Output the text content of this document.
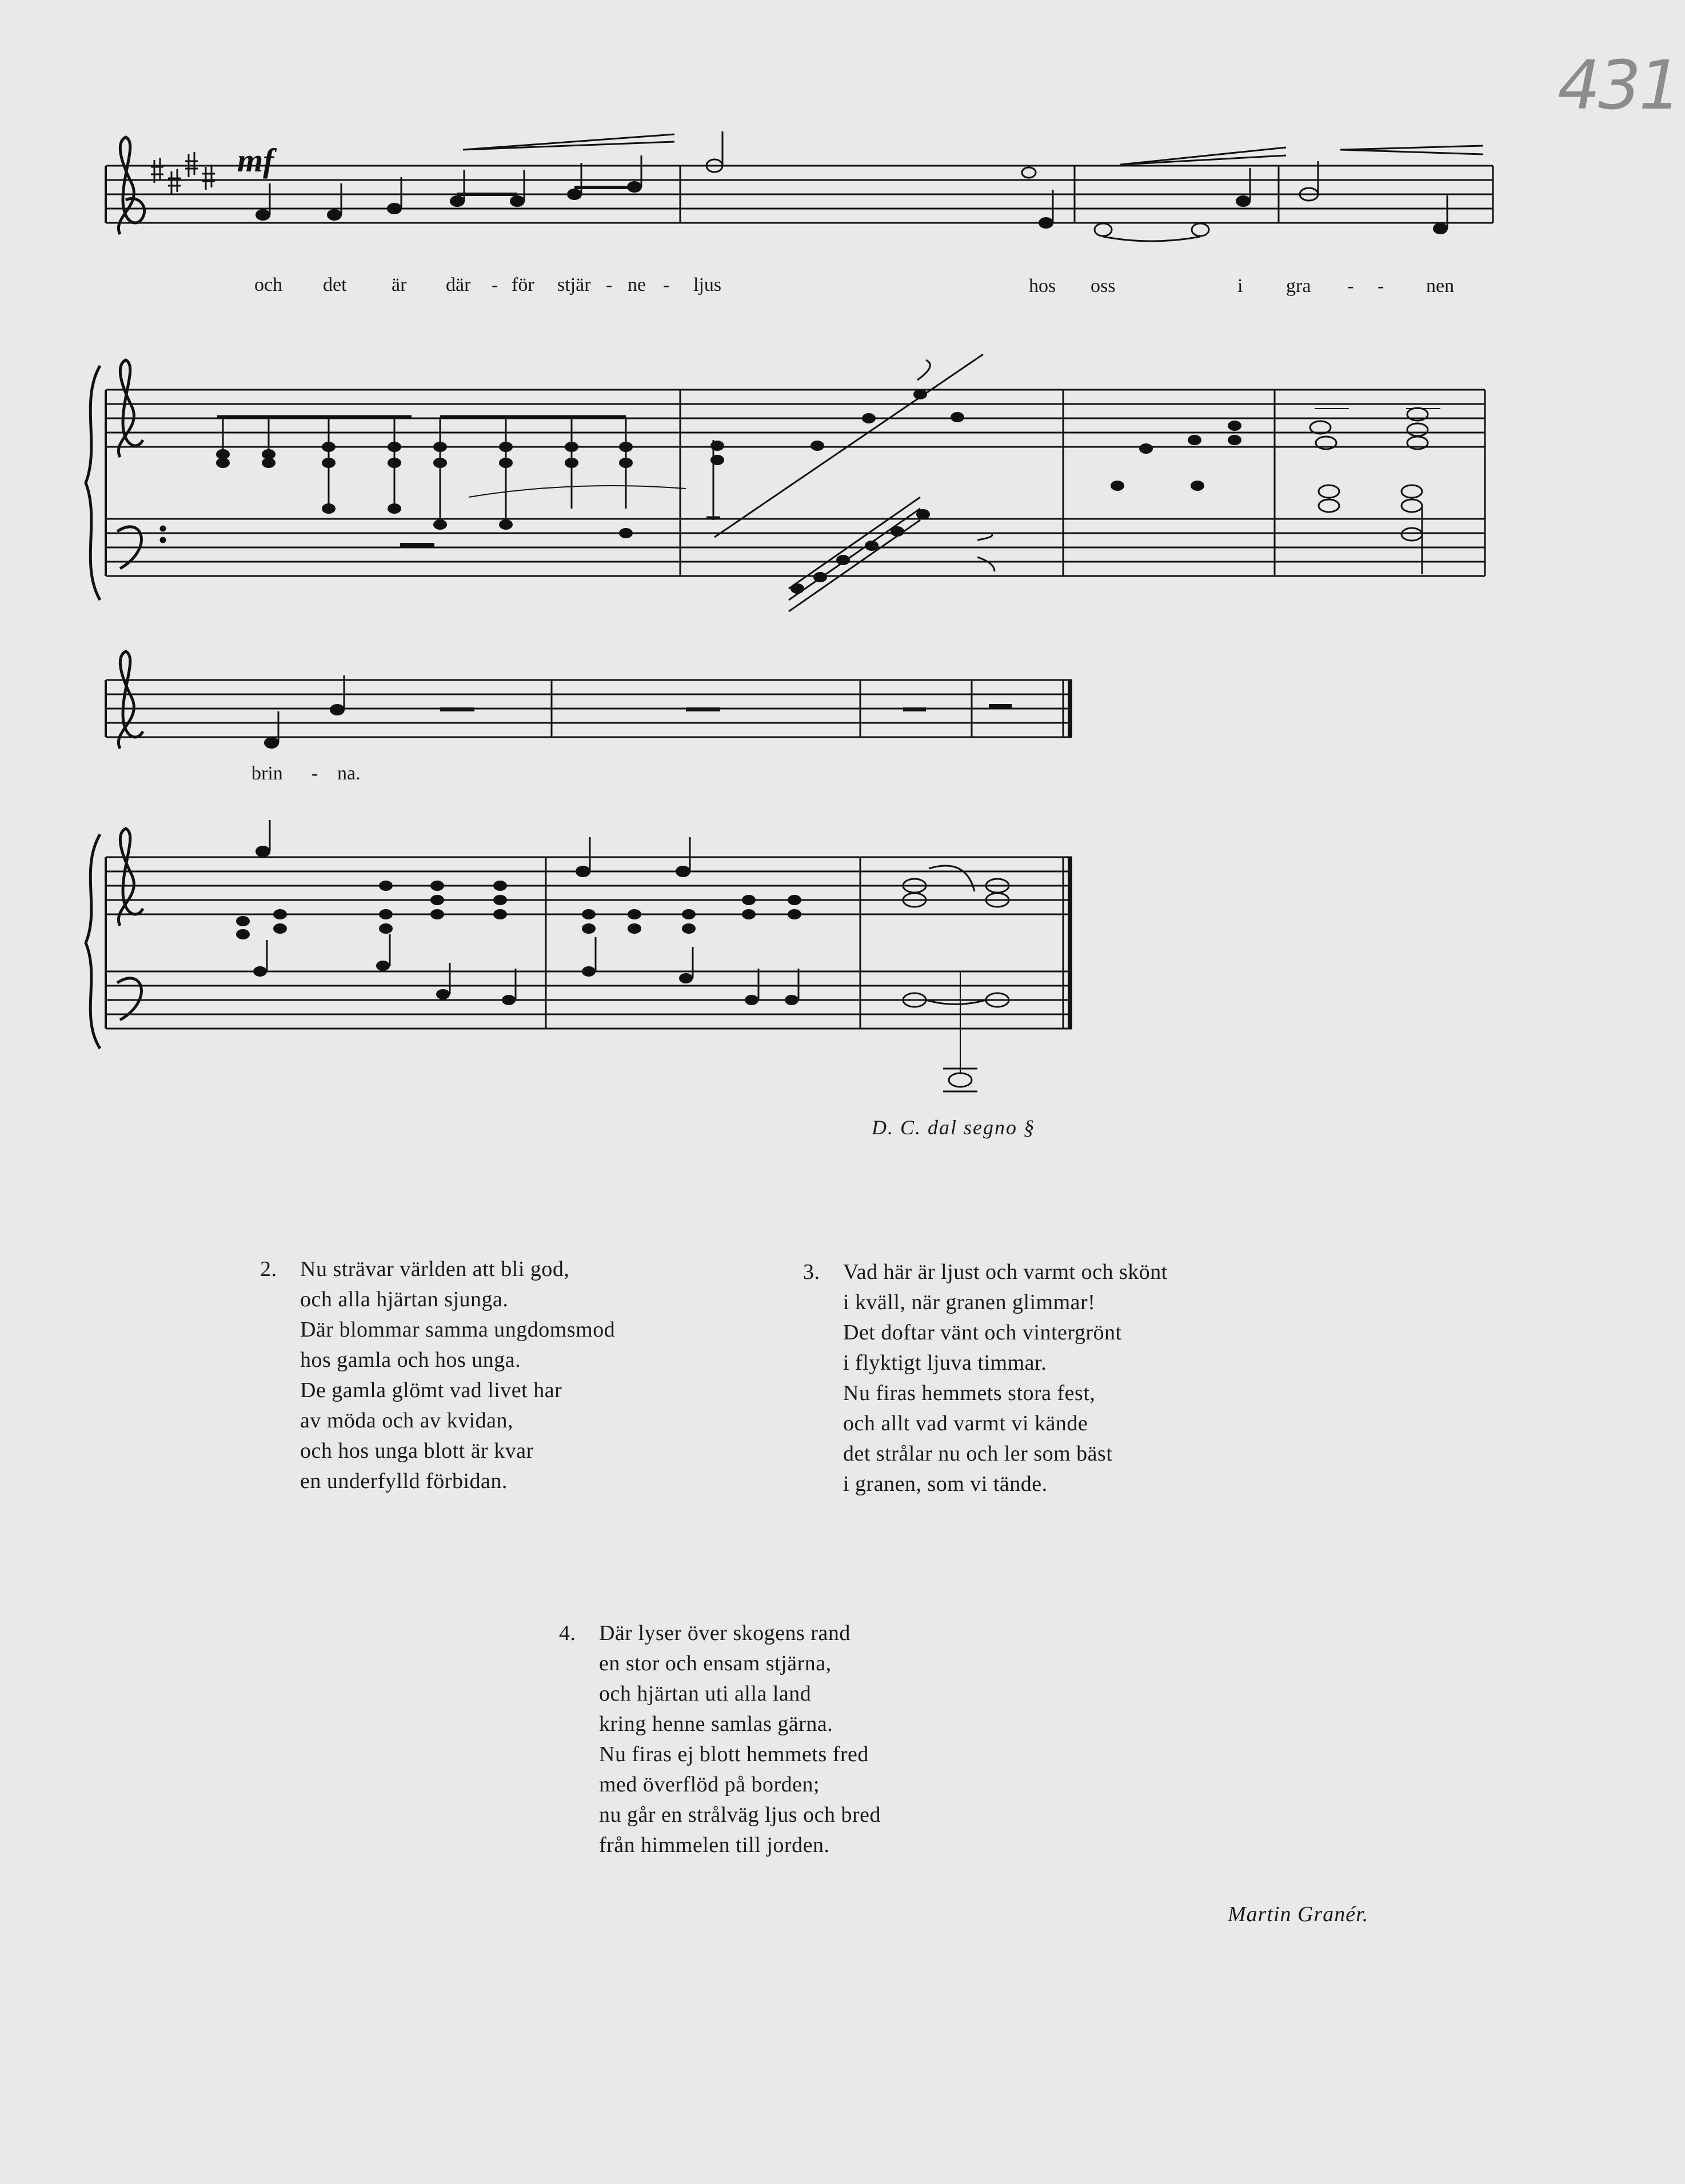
431
mf
och det är där - för stjär - ne - ljus	hos oss	i gra - - nen
brin - na.
D. C. dal segno §
2. Nu strävar världen att bli god,
och alla hjärtan sjunga.
Där blommar samma ungdomsmod
hos gamla och hos unga.
De gamla glömt vad livet har
av möda och av kvidan,
och hos unga blott är kvar
en underfylld förbidan.
3. Vad här är ljust och varmt och skönt
i kväll, när granen glimmar!
Det doftar vänt och vintergrönt
i flyktigt ljuva timmar.
Nu firas hemmets stora fest,
och allt vad varmt vi kände
det strålar nu och ler som bäst
i granen, som vi tände.
4. Där lyser över skogens rand
en stor och ensam stjärna,
och hjärtan uti alla land
kring henne samlas gärna.
Nu firas ej blott hemmets fred
med överflöd på borden;
nu går en strålväg ljus och bred
från himmelen till jorden.
Martin Granér.
